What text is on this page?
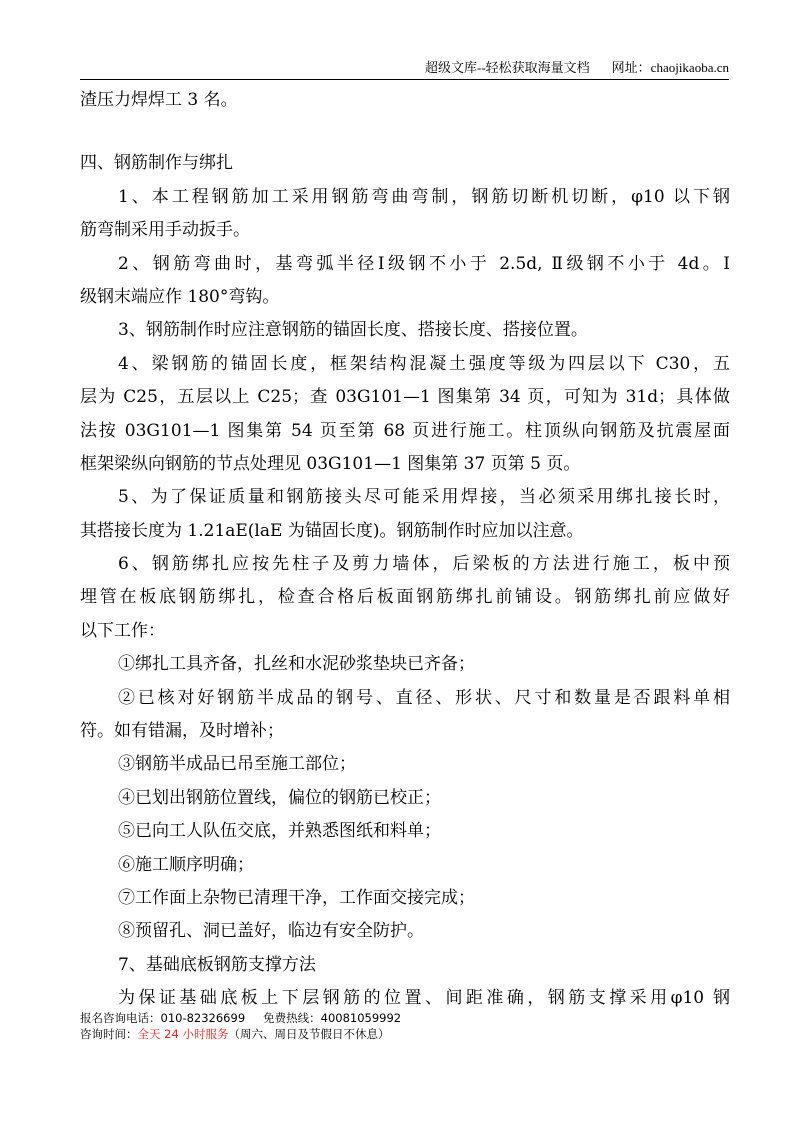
超级文库--轻松获取海量文档 网址：chaojikaoba.cn
渣压力焊焊工 3 名。
四、钢筋制作与绑扎
1、本工程钢筋加工采用钢筋弯曲弯制，钢筋切断机切断，φ10 以下钢
筋弯制采用手动扳手。
2、钢筋弯曲时，基弯弧半径Ⅰ级钢不小于 2.5d, Ⅱ级钢不小于 4d。Ⅰ
级钢末端应作 180°弯钩。
3、钢筋制作时应注意钢筋的锚固长度、搭接长度、搭接位置。
4、梁钢筋的锚固长度，框架结构混凝土强度等级为四层以下 C30，五
层为 C25，五层以上 C25；查 03G101—1 图集第 34 页，可知为 31d；具体做
法按 03G101—1 图集第 54 页至第 68 页进行施工。柱顶纵向钢筋及抗震屋面
框架梁纵向钢筋的节点处理见 03G101—1 图集第 37 页第 5 页。
5、为了保证质量和钢筋接头尽可能采用焊接，当必须采用绑扎接长时，
其搭接长度为 1.21aE(laE 为锚固长度)。钢筋制作时应加以注意。
6、钢筋绑扎应按先柱子及剪力墙体，后梁板的方法进行施工，板中预
埋管在板底钢筋绑扎，检查合格后板面钢筋绑扎前铺设。钢筋绑扎前应做好
以下工作：
①绑扎工具齐备，扎丝和水泥砂浆垫块已齐备；
②已核对好钢筋半成品的钢号、直径、形状、尺寸和数量是否跟料单相
符。如有错漏，及时增补；
③钢筋半成品已吊至施工部位；
④已划出钢筋位置线，偏位的钢筋已校正；
⑤已向工人队伍交底，并熟悉图纸和料单；
⑥施工顺序明确；
⑦工作面上杂物已清理干净，工作面交接完成；
⑧预留孔、洞已盖好，临边有安全防护。
7、基础底板钢筋支撑方法
为保证基础底板上下层钢筋的位置、间距准确，钢筋支撑采用φ10 钢
报名咨询电话：010-82326699 免费热线：40081059992
咨询时间：全天 24 小时服务（周六、周日及节假日不休息）
